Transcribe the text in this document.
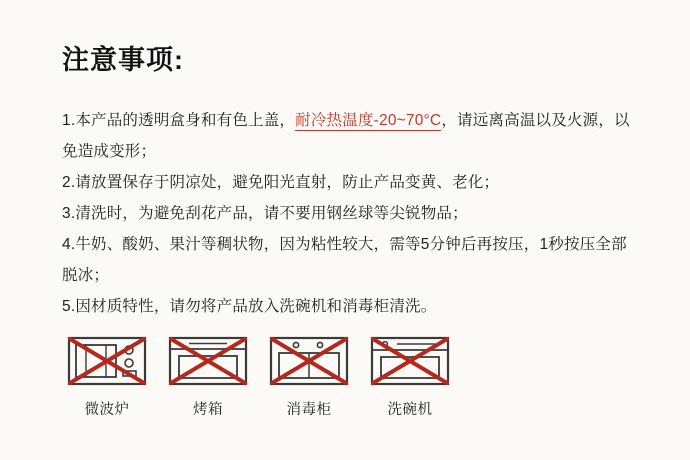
注意事项:
1.本产品的透明盒身和有色上盖，耐冷热温度-20~70°C，请远离高温以及火源，以免造成变形；
2.请放置保存于阴凉处，避免阳光直射，防止产品变黄、老化；
3.清洗时，为避免刮花产品，请不要用钢丝球等尖锐物品；
4.牛奶、酸奶、果汁等稠状物，因为粘性较大，需等5分钟后再按压，1秒按压全部脱冰；
5.因材质特性，请勿将产品放入洗碗机和消毒柜清洗。
微波炉	烤箱	消毒柜	洗碗机
